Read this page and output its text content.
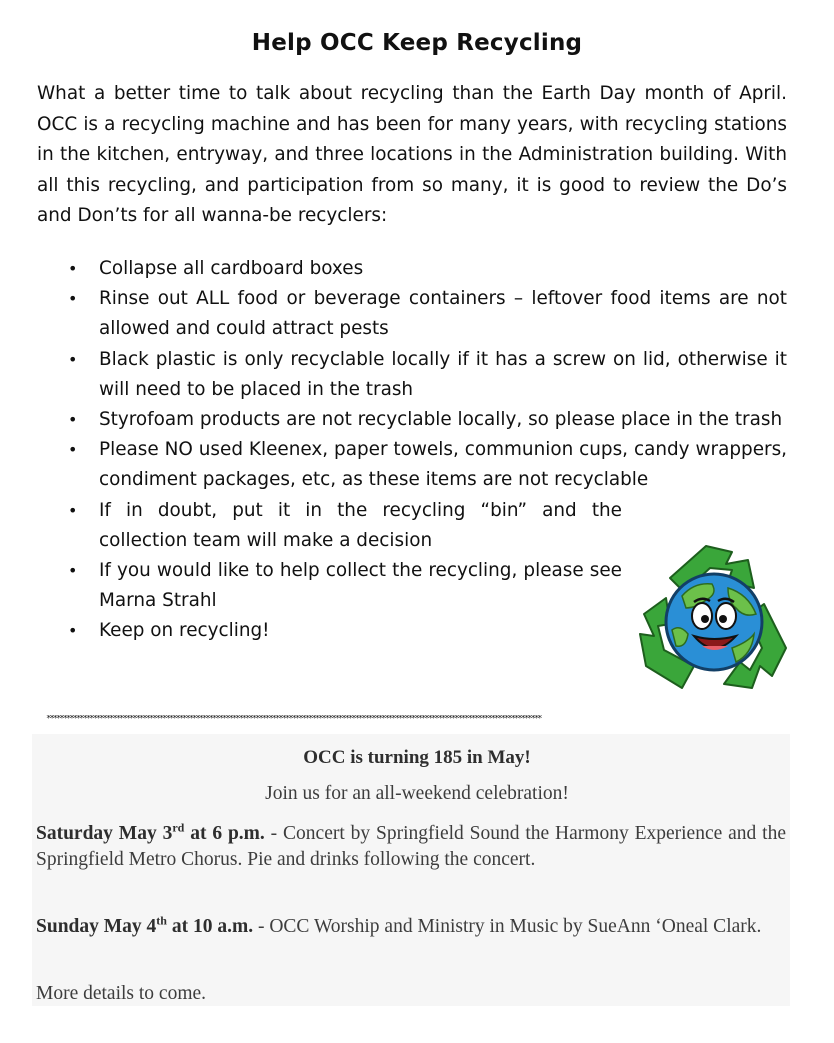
Help OCC Keep Recycling
What a better time to talk about recycling than the Earth Day month of April. OCC is a recycling machine and has been for many years, with recycling stations in the kitchen, entryway, and three locations in the Administration building. With all this recycling, and participation from so many, it is good to review the Do’s and Don’ts for all wanna-be recyclers:
• Collapse all cardboard boxes
• Rinse out ALL food or beverage containers – leftover food items are not allowed and could attract pests
• Black plastic is only recyclable locally if it has a screw on lid, otherwise it will need to be placed in the trash
• Styrofoam products are not recyclable locally, so please place in the trash
• Please NO used Kleenex, paper towels, communion cups, candy wrappers, condiment packages, etc, as these items are not recyclable
• If in doubt, put it in the recycling “bin” and the collection team will make a decision
• If you would like to help collect the recycling, please see Marna Strahl
• Keep on recycling!
*****************************************************************************************************************************************************
OCC is turning 185 in May!
Join us for an all-weekend celebration!
Saturday May 3rd at 6 p.m. - Concert by Springfield Sound the Harmony Experience and the Springfield Metro Chorus. Pie and drinks following the concert.
Sunday May 4th at 10 a.m. - OCC Worship and Ministry in Music by SueAnn ‘Oneal Clark.
More details to come.
